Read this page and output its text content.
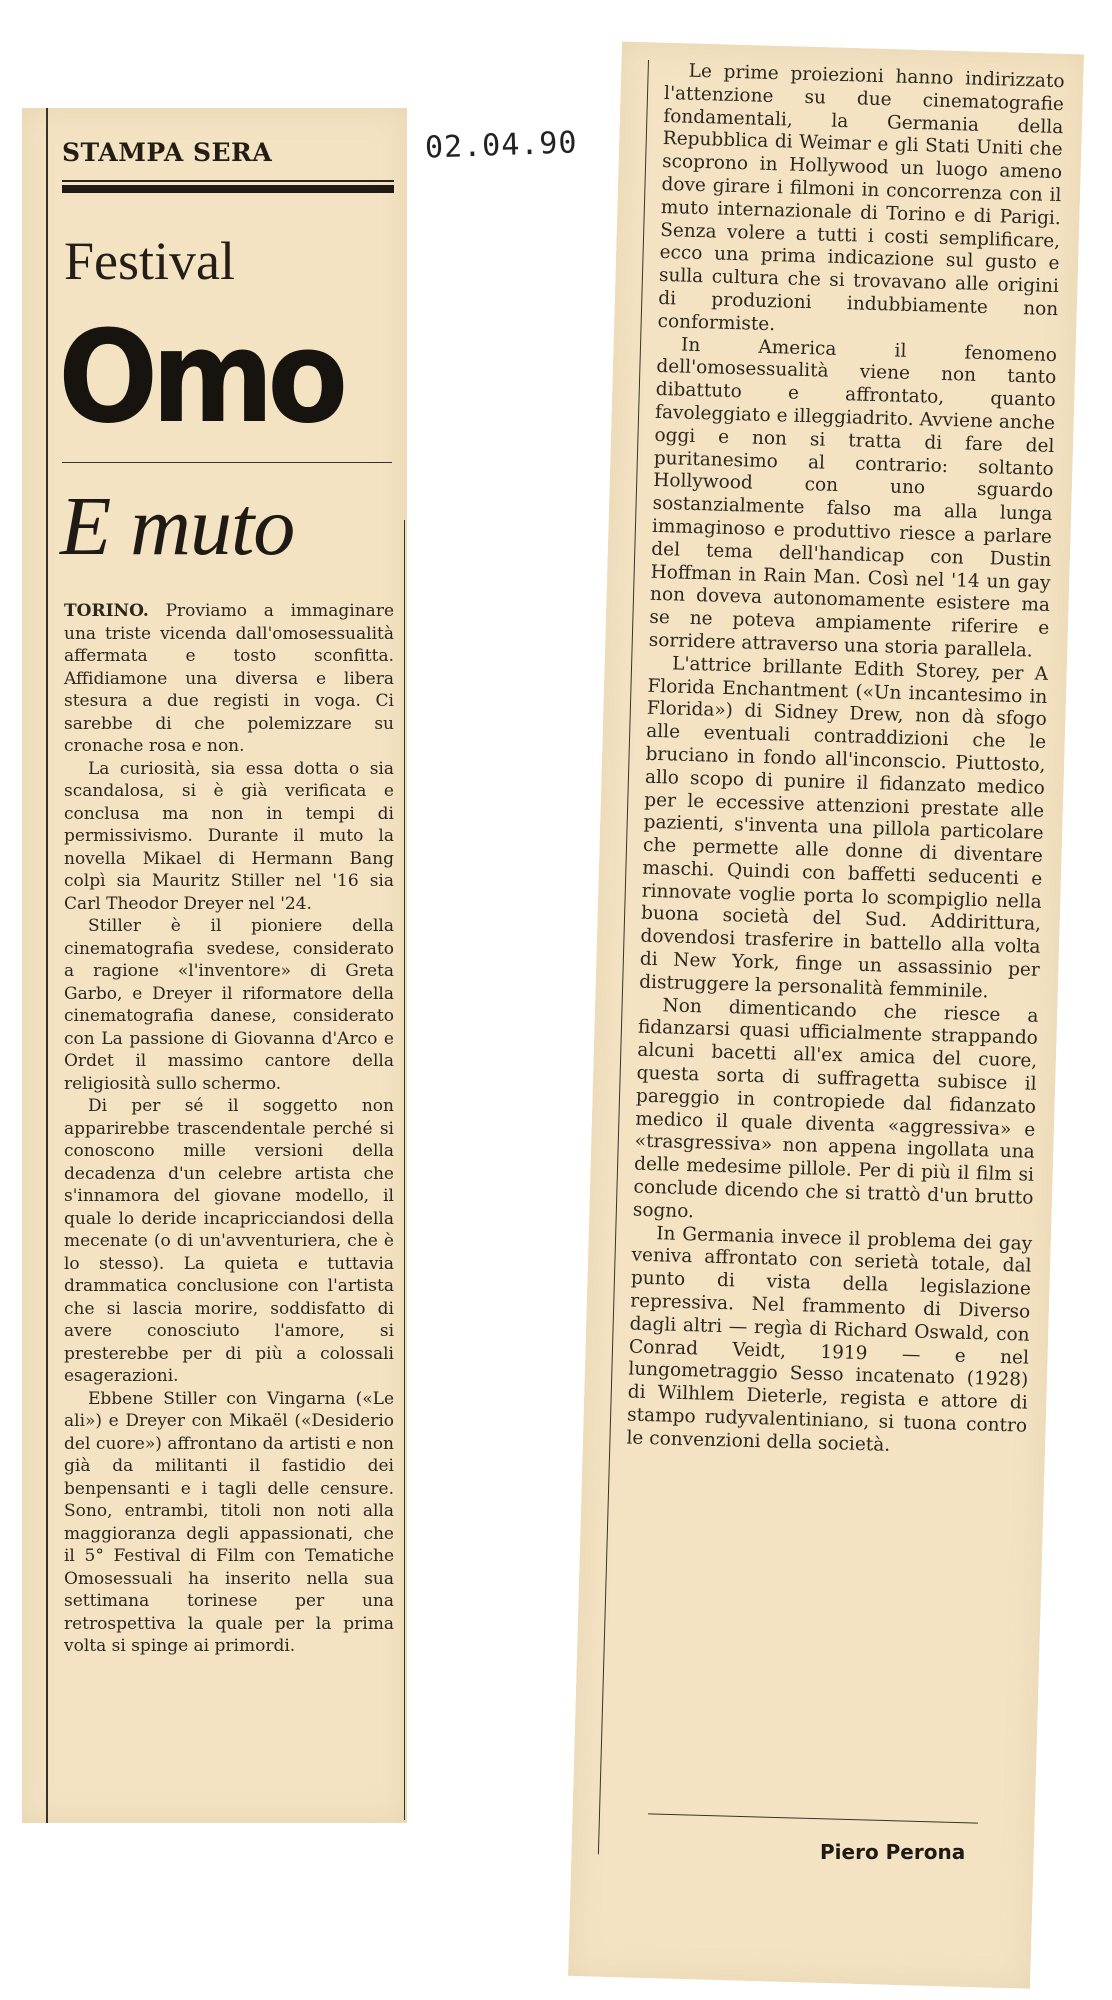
02.04.90
STAMPA SERA
Festival
Omo
E muto

TORINO. Proviamo a immaginare una triste vicenda dall'omosessualità affermata e tosto sconfitta. Affidiamone una diversa e libera stesura a due registi in voga. Ci sarebbe di che polemizzare su cronache rosa e non.

La curiosità, sia essa dotta o sia scandalosa, si è già verificata e conclusa ma non in tempi di permissivismo. Durante il muto la novella Mikael di Hermann Bang colpì sia Mauritz Stiller nel '16 sia Carl Theodor Dreyer nel '24.

Stiller è il pioniere della cinematografia svedese, considerato a ragione «l'inventore» di Greta Garbo, e Dreyer il riformatore della cinematografia danese, considerato con La passione di Giovanna d'Arco e Ordet il massimo cantore della religiosità sullo schermo.

Di per sé il soggetto non apparirebbe trascendentale perché si conoscono mille versioni della decadenza d'un celebre artista che s'innamora del giovane modello, il quale lo deride incapricciandosi della mecenate (o di un'avventuriera, che è lo stesso). La quieta e tuttavia drammatica conclusione con l'artista che si lascia morire, soddisfatto di avere conosciuto l'amore, si presterebbe per di più a colossali esagerazioni.

Ebbene Stiller con Vingarna («Le ali») e Dreyer con Mikaël («Desiderio del cuore») affrontano da artisti e non già da militanti il fastidio dei benpensanti e i tagli delle censure. Sono, entrambi, titoli non noti alla maggioranza degli appassionati, che il 5° Festival di Film con Tematiche Omosessuali ha inserito nella sua settimana torinese per una retrospettiva la quale per la prima volta si spinge ai primordi.

Le prime proiezioni hanno indirizzato l'attenzione su due cinematografie fondamentali, la Germania della Repubblica di Weimar e gli Stati Uniti che scoprono in Hollywood un luogo ameno dove girare i filmoni in concorrenza con il muto internazionale di Torino e di Parigi. Senza volere a tutti i costi semplificare, ecco una prima indicazione sul gusto e sulla cultura che si trovavano alle origini di produzioni indubbiamente non conformiste.

In America il fenomeno dell'omosessualità viene non tanto dibattuto e affrontato, quanto favoleggiato e illeggiadrito. Avviene anche oggi e non si tratta di fare del puritanesimo al contrario: soltanto Hollywood con uno sguardo sostanzialmente falso ma alla lunga immaginoso e produttivo riesce a parlare del tema dell'handicap con Dustin Hoffman in Rain Man. Così nel '14 un gay non doveva autonomamente esistere ma se ne poteva ampiamente riferire e sorridere attraverso una storia parallela.

L'attrice brillante Edith Storey, per A Florida Enchantment («Un incantesimo in Florida») di Sidney Drew, non dà sfogo alle eventuali contraddizioni che le bruciano in fondo all'inconscio. Piuttosto, allo scopo di punire il fidanzato medico per le eccessive attenzioni prestate alle pazienti, s'inventa una pillola particolare che permette alle donne di diventare maschi. Quindi con baffetti seducenti e rinnovate voglie porta lo scompiglio nella buona società del Sud. Addirittura, dovendosi trasferire in battello alla volta di New York, finge un assassinio per distruggere la personalità femminile.

Non dimenticando che riesce a fidanzarsi quasi ufficialmente strappando alcuni bacetti all'ex amica del cuore, questa sorta di suffragetta subisce il pareggio in contropiede dal fidanzato medico il quale diventa «aggressiva» e «trasgressiva» non appena ingollata una delle medesime pillole. Per di più il film si conclude dicendo che si trattò d'un brutto sogno.

In Germania invece il problema dei gay veniva affrontato con serietà totale, dal punto di vista della legislazione repressiva. Nel frammento di Diverso dagli altri — regìa di Richard Oswald, con Conrad Veidt, 1919 — e nel lungometraggio Sesso incatenato (1928) di Wilhlem Dieterle, regista e attore di stampo rudyvalentiniano, si tuona contro le convenzioni della società.

Piero Perona
